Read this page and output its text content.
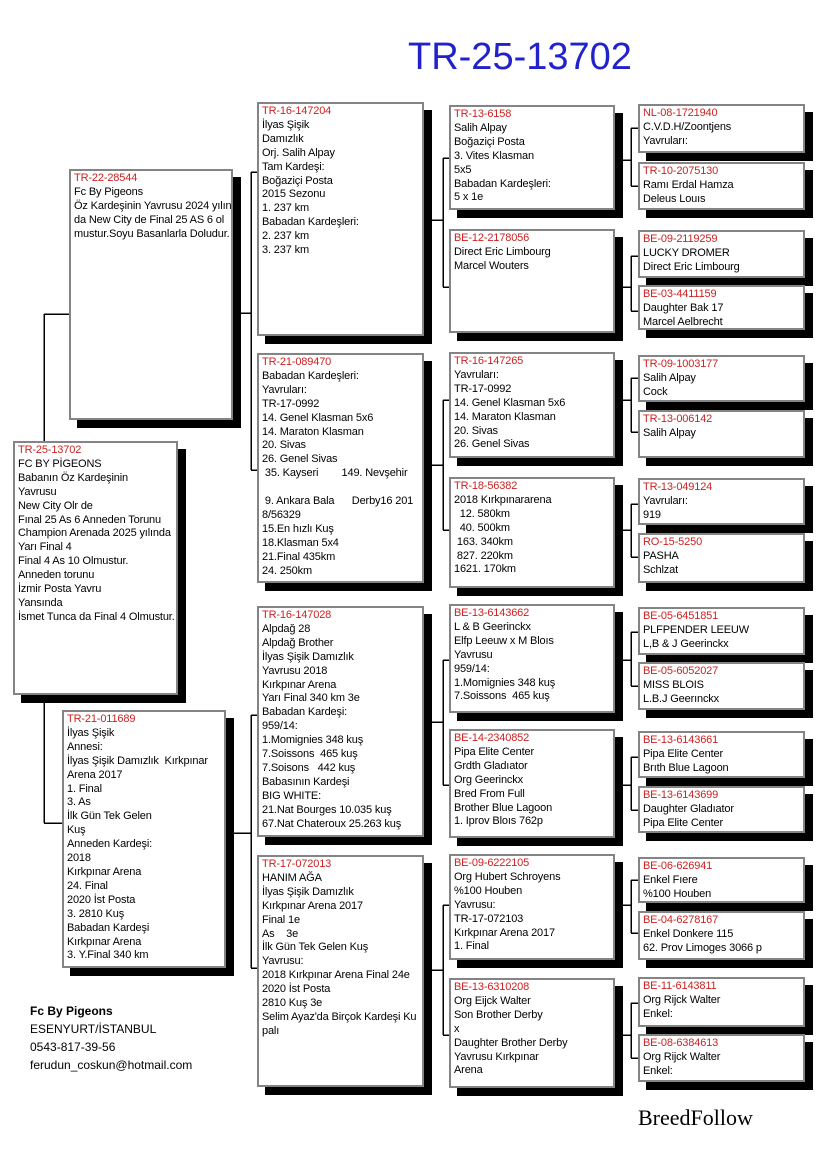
TR-25-13702
TR-25-13702
FC BY PİGEONS
Babanın Öz Kardeşinin
Yavrusu
New City Olr de
Fınal 25 As 6 Anneden Torunu
Champion Arenada 2025 yılında
Yarı Final 4
Final 4 As 10 Olmustur.
Anneden torunu
İzmir Posta Yavru
Yansında
İsmet Tunca da Final 4 Olmustur.
TR-22-28544
Fc By Pigeons
Öz Kardeşinin Yavrusu 2024 yılın
da New City de Final 25 AS 6 ol
mustur.Soyu Basanlarla Doludur.
TR-21-011689
İlyas Şişik
Annesi:
İlyas Şişik Damızlık  Kırkpınar
Arena 2017
1. Final
3. As
İlk Gün Tek Gelen
Kuş
Anneden Kardeşi:
2018
Kırkpınar Arena
24. Final
2020 İst Posta
3. 2810 Kuş
Babadan Kardeşi
Kırkpınar Arena
3. Y.Final 340 km
TR-16-147204
İlyas Şişik
Damızlık
Orj. Salih Alpay
Tam Kardeşi:
Boğaziçi Posta
2015 Sezonu
1. 237 km
Babadan Kardeşleri:
2. 237 km
3. 237 km
TR-21-089470
Babadan Kardeşleri:
Yavruları:
TR-17-0992
14. Genel Klasman 5x6
14. Maraton Klasman
20. Sivas
26. Genel Sivas
35. Kayseri        149. Nevşehir
9. Ankara Bala      Derby16 201
8/56329
15.En hızlı Kuş
18.Klasman 5x4
21.Final 435km
24. 250km
TR-16-147028
Alpdağ 28
Alpdağ Brother
İlyas Şişik Damızlık
Yavrusu 2018
Kırkpınar Arena
Yarı Final 340 km 3e
Babadan Kardeşi:
959/14:
1.Momignies 348 kuş
7.Soissons  465 kuş
7.Soisons   442 kuş
Babasının Kardeşi
BIG WHITE:
21.Nat Bourges 10.035 kuş
67.Nat Chateroux 25.263 kuş
TR-17-072013
HANIM AĞA
İlyas Şişik Damızlık
Kırkpınar Arena 2017
Final 1e
As    3e
İlk Gün Tek Gelen Kuş
Yavrusu:
2018 Kırkpınar Arena Final 24e
2020 İst Posta
2810 Kuş 3e
Selim Ayaz'da Birçok Kardeşi Ku
palı
TR-13-6158
Salih Alpay
Boğaziçi Posta
3. Vites Klasman
5x5
Babadan Kardeşleri:
5 x 1e
BE-12-2178056
Direct Eric Limbourg
Marcel Wouters
TR-16-147265
Yavruları:
TR-17-0992
14. Genel Klasman 5x6
14. Maraton Klasman
20. Sivas
26. Genel Sivas
TR-18-56382
2018 Kırkpınararena
12. 580km
40. 500km
163. 340km
827. 220km
1621. 170km
BE-13-6143662
L & B Geerinckx
Elfp Leeuw x M Bloıs
Yavrusu
959/14:
1.Momignies 348 kuş
7.Soissons  465 kuş
BE-14-2340852
Pipa Elite Center
Grdth Gladıator
Org Geerinckx
Bred From Full
Brother Blue Lagoon
1. Iprov Bloıs 762p
BE-09-6222105
Org Hubert Schroyens
%100 Houben
Yavrusu:
TR-17-072103
Kırkpınar Arena 2017
1. Final
BE-13-6310208
Org Eijck Walter
Son Brother Derby
x
Daughter Brother Derby
Yavrusu Kırkpınar
Arena
NL-08-1721940
C.V.D.H/Zoontjens
Yavruları:
TR-10-2075130
Ramı Erdal Hamza
Deleus Louıs
BE-09-2119259
LUCKY DROMER
Direct Eric Limbourg
BE-03-4411159
Daughter Bak 17
Marcel Aelbrecht
TR-09-1003177
Salih Alpay
Cock
TR-13-006142
Salih Alpay
TR-13-049124
Yavruları:
919
RO-15-5250
PASHA
Schlzat
BE-05-6451851
PLFPENDER LEEUW
L,B & J Geerinckx
BE-05-6052027
MISS BLOIS
L.B.J Geerınckx
BE-13-6143661
Pipa Elite Center
Brıth Blue Lagoon
BE-13-6143699
Daughter Gladıator
Pipa Elite Center
BE-06-626941
Enkel Fıere
%100 Houben
BE-04-6278167
Enkel Donkere 115
62. Prov Limoges 3066 p
BE-11-6143811
Org Rijck Walter
Enkel:
BE-08-6384613
Org Rijck Walter
Enkel:
Fc By Pigeons
ESENYURT/İSTANBUL
0543-817-39-56
ferudun_coskun@hotmail.com
BreedFollow
